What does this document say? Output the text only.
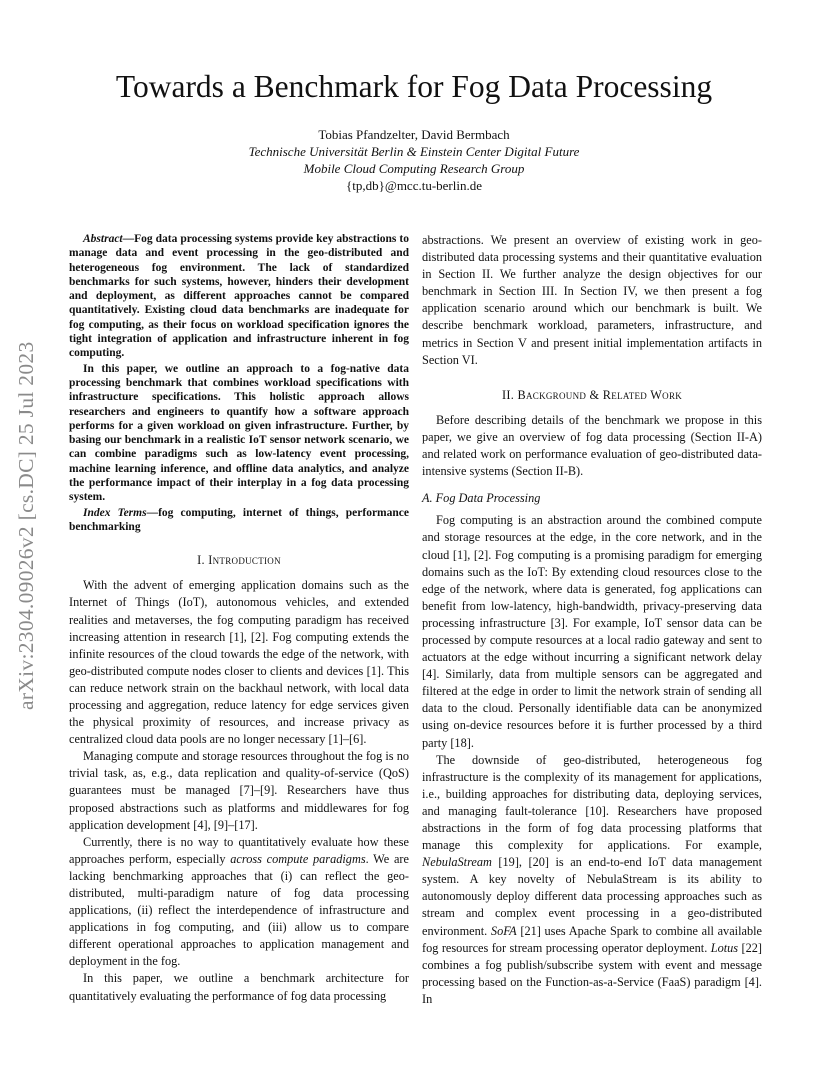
arXiv:2304.09026v2 [cs.DC] 25 Jul 2023
Towards a Benchmark for Fog Data Processing
Tobias Pfandzelter, David Bermbach
Technische Universität Berlin & Einstein Center Digital Future
Mobile Cloud Computing Research Group
{tp,db}@mcc.tu-berlin.de

Abstract—Fog data processing systems provide key abstractions to manage data and event processing in the geo-distributed and heterogeneous fog environment. The lack of standardized benchmarks for such systems, however, hinders their development and deployment, as different approaches cannot be compared quantitatively. Existing cloud data benchmarks are inadequate for fog computing, as their focus on workload specification ignores the tight integration of application and infrastructure inherent in fog computing.

In this paper, we outline an approach to a fog-native data processing benchmark that combines workload specifications with infrastructure specifications. This holistic approach allows researchers and engineers to quantify how a software approach performs for a given workload on given infrastructure. Further, by basing our benchmark in a realistic IoT sensor network scenario, we can combine paradigms such as low-latency event processing, machine learning inference, and offline data analytics, and analyze the performance impact of their interplay in a fog data processing system.

Index Terms—fog computing, internet of things, performance benchmarking

I. Introduction

With the advent of emerging application domains such as the Internet of Things (IoT), autonomous vehicles, and extended realities and metaverses, the fog computing paradigm has received increasing attention in research [1], [2]. Fog computing extends the infinite resources of the cloud towards the edge of the network, with geo-distributed compute nodes closer to clients and devices [1]. This can reduce network strain on the backhaul network, with local data processing and aggregation, reduce latency for edge services given the physical proximity of resources, and increase privacy as centralized cloud data pools are no longer necessary [1]–[6].

Managing compute and storage resources throughout the fog is no trivial task, as, e.g., data replication and quality-of-service (QoS) guarantees must be managed [7]–[9]. Researchers have thus proposed abstractions such as platforms and middlewares for fog application development [4], [9]–[17].

Currently, there is no way to quantitatively evaluate how these approaches perform, especially across compute paradigms. We are lacking benchmarking approaches that (i) can reflect the geo-distributed, multi-paradigm nature of fog data processing applications, (ii) reflect the interdependence of infrastructure and applications in fog computing, and (iii) allow us to compare different operational approaches to application management and deployment in the fog.

In this paper, we outline a benchmark architecture for quantitatively evaluating the performance of fog data processing

abstractions. We present an overview of existing work in geo-distributed data processing systems and their quantitative evaluation in Section II. We further analyze the design objectives for our benchmark in Section III. In Section IV, we then present a fog application scenario around which our benchmark is built. We describe benchmark workload, parameters, infrastructure, and metrics in Section V and present initial implementation artifacts in Section VI.

II. Background & Related Work

Before describing details of the benchmark we propose in this paper, we give an overview of fog data processing (Section II-A) and related work on performance evaluation of geo-distributed data-intensive systems (Section II-B).

A. Fog Data Processing

Fog computing is an abstraction around the combined compute and storage resources at the edge, in the core network, and in the cloud [1], [2]. Fog computing is a promising paradigm for emerging domains such as the IoT: By extending cloud resources close to the edge of the network, where data is generated, fog applications can benefit from low-latency, high-bandwidth, privacy-preserving data processing infrastructure [3]. For example, IoT sensor data can be processed by compute resources at a local radio gateway and sent to actuators at the edge without incurring a significant network delay [4]. Similarly, data from multiple sensors can be aggregated and filtered at the edge in order to limit the network strain of sending all data to the cloud. Personally identifiable data can be anonymized using on-device resources before it is further processed by a third party [18].

The downside of geo-distributed, heterogeneous fog infrastructure is the complexity of its management for applications, i.e., building approaches for distributing data, deploying services, and managing fault-tolerance [10]. Researchers have proposed abstractions in the form of fog data processing platforms that manage this complexity for applications. For example, NebulaStream [19], [20] is an end-to-end IoT data management system. A key novelty of NebulaStream is its ability to autonomously deploy different data processing approaches such as stream and complex event processing in a geo-distributed environment. SoFA [21] uses Apache Spark to combine all available fog resources for stream processing operator deployment. Lotus [22] combines a fog publish/subscribe system with event and message processing based on the Function-as-a-Service (FaaS) paradigm [4]. In
